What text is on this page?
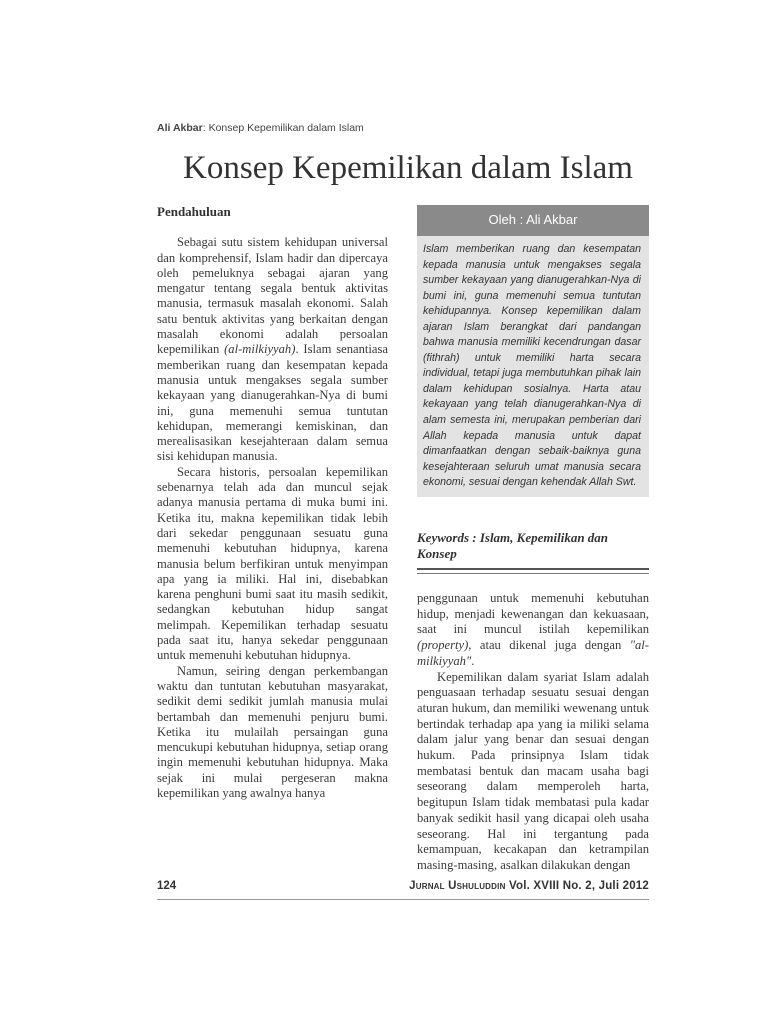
Ali Akbar: Konsep Kepemilikan dalam Islam
Konsep Kepemilikan dalam Islam
Pendahuluan

Sebagai sutu sistem kehidupan universal dan komprehensif, Islam hadir dan dipercaya oleh pemeluknya sebagai ajaran yang mengatur tentang segala bentuk aktivitas manusia, termasuk masalah ekonomi. Salah satu bentuk aktivitas yang berkaitan dengan masalah ekonomi adalah persoalan kepemilikan (al-milkiyyah). Islam senantiasa memberikan ruang dan kesempatan kepada manusia untuk mengakses segala sumber kekayaan yang dianugerahkan-Nya di bumi ini, guna memenuhi semua tuntutan kehidupan, memerangi kemiskinan, dan merealisasikan kesejahteraan dalam semua sisi kehidupan manusia.

Secara historis, persoalan kepemilikan sebenarnya telah ada dan muncul sejak adanya manusia pertama di muka bumi ini. Ketika itu, makna kepemilikan tidak lebih dari sekedar penggunaan sesuatu guna memenuhi kebutuhan hidupnya, karena manusia belum berfikiran untuk menyimpan apa yang ia miliki. Hal ini, disebabkan karena penghuni bumi saat itu masih sedikit, sedangkan kebutuhan hidup sangat melimpah. Kepemilikan terhadap sesuatu pada saat itu, hanya sekedar penggunaan untuk memenuhi kebutuhan hidupnya.

Namun, seiring dengan perkembangan waktu dan tuntutan kebutuhan masyarakat, sedikit demi sedikit jumlah manusia mulai bertambah dan memenuhi penjuru bumi. Ketika itu mulailah persaingan guna mencukupi kebutuhan hidupnya, setiap orang ingin memenuhi kebutuhan hidupnya. Maka sejak ini mulai pergeseran makna kepemilikan yang awalnya hanya

Oleh : Ali Akbar
Islam memberikan ruang dan kesempatan kepada manusia untuk mengakses segala sumber kekayaan yang dianugerahkan-Nya di bumi ini, guna memenuhi semua tuntutan kehidupannya. Konsep kepemilikan dalam ajaran Islam berangkat dari pandangan bahwa manusia memiliki kecendrungan dasar (fithrah) untuk memiliki harta secara individual, tetapi juga membutuhkan pihak lain dalam kehidupan sosialnya. Harta atau kekayaan yang telah dianugerahkan-Nya di alam semesta ini, merupakan pemberian dari Allah kepada manusia untuk dapat dimanfaatkan dengan sebaik-baiknya guna kesejahteraan seluruh umat manusia secara ekonomi, sesuai dengan kehendak Allah Swt.
Keywords : Islam, Kepemilikan dan Konsep

penggunaan untuk memenuhi kebutuhan hidup, menjadi kewenangan dan kekuasaan, saat ini muncul istilah kepemilikan (property), atau dikenal juga dengan "al-milkiyyah".

Kepemilikan dalam syariat Islam adalah penguasaan terhadap sesuatu sesuai dengan aturan hukum, dan memiliki wewenang untuk bertindak terhadap apa yang ia miliki selama dalam jalur yang benar dan sesuai dengan hukum. Pada prinsipnya Islam tidak membatasi bentuk dan macam usaha bagi seseorang dalam memperoleh harta, begitupun Islam tidak membatasi pula kadar banyak sedikit hasil yang dicapai oleh usaha seseorang. Hal ini tergantung pada kemampuan, kecakapan dan ketrampilan masing-masing, asalkan dilakukan dengan

124	Jurnal Ushuluddin Vol. XVIII No. 2, Juli 2012
